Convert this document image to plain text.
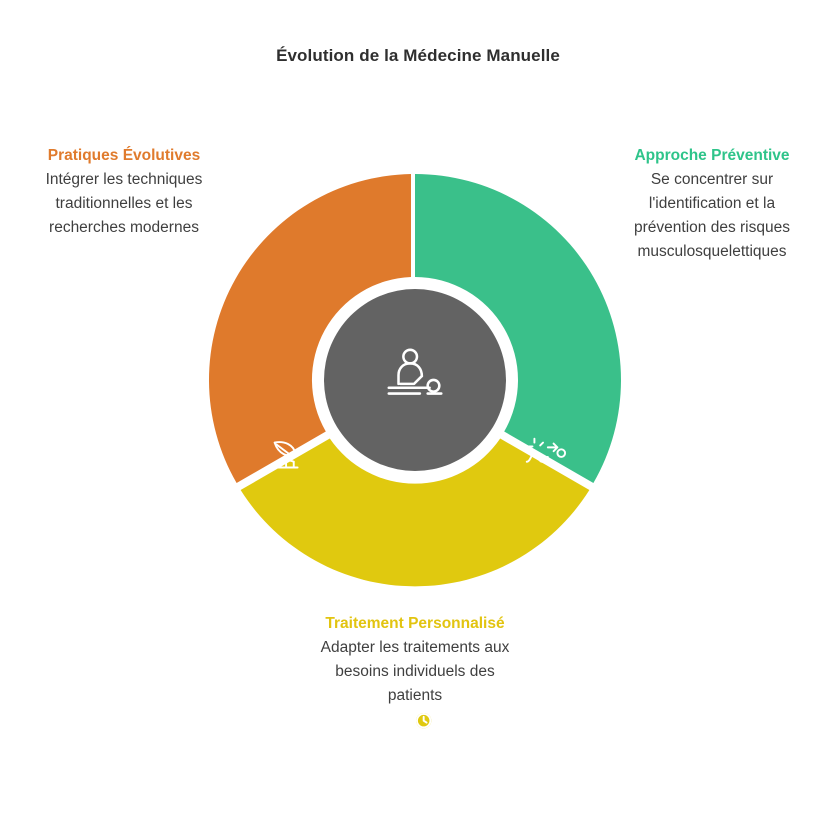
Évolution de la Médecine Manuelle
Approche Préventive
Se concentrer sur l'identification et la prévention des risques musculosquelettiques
Pratiques Évolutives
Intégrer les techniques traditionnelles et les recherches modernes
Traitement Personnalisé
Adapter les traitements aux besoins individuels des patients
